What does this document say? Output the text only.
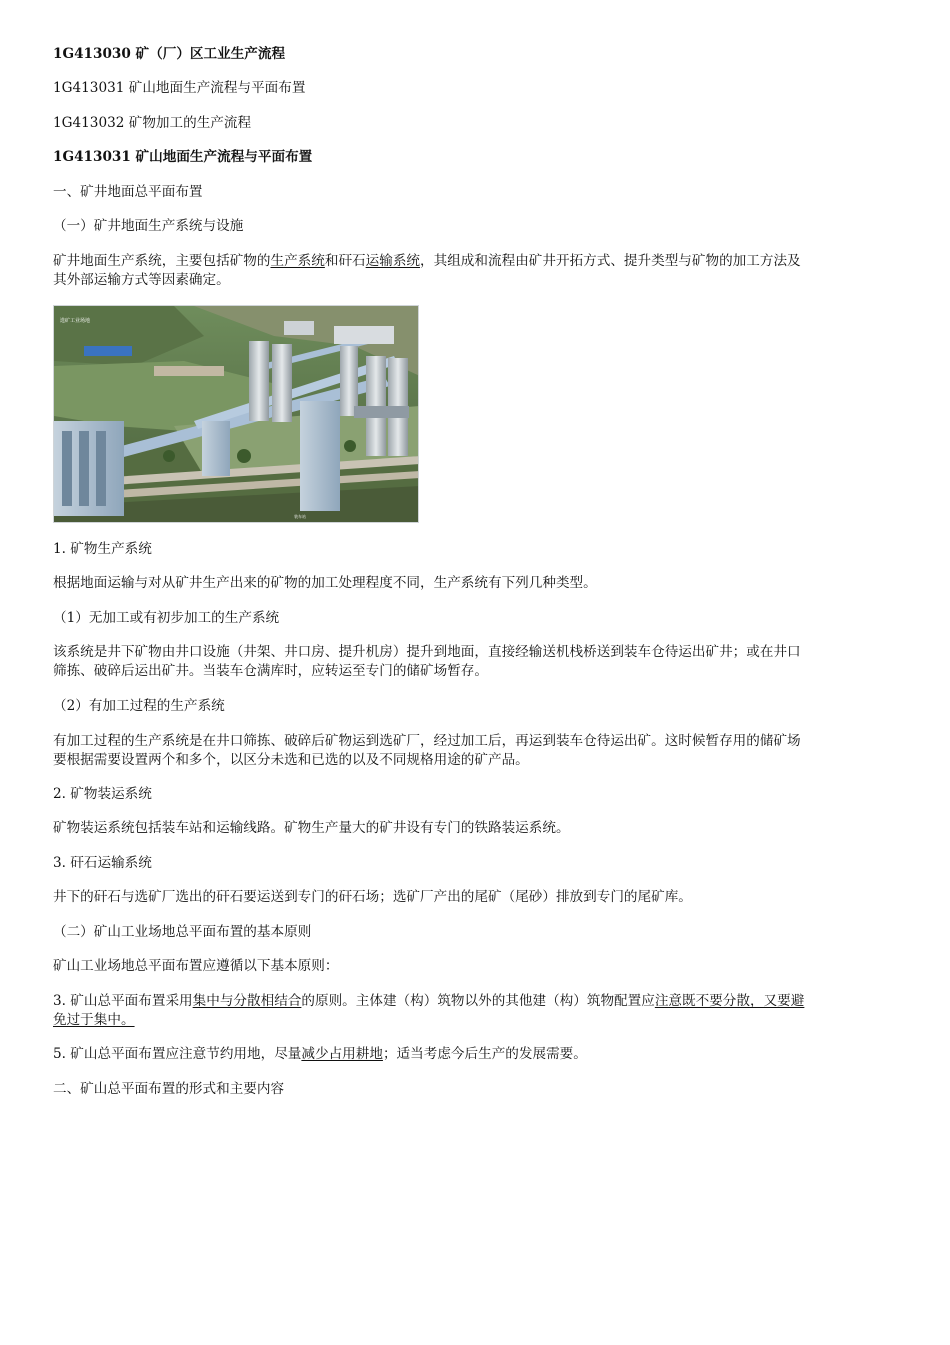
1G413030 矿（厂）区工业生产流程
1G413031 矿山地面生产流程与平面布置
1G413032 矿物加工的生产流程
1G413031 矿山地面生产流程与平面布置
一、矿井地面总平面布置
（一）矿井地面生产系统与设施
矿井地面生产系统，主要包括矿物的生产系统和矸石运输系统，其组成和流程由矿井开拓方式、提升类型与矿物的加工方法及
其外部运输方式等因素确定。
选矿工业场地
装车站
1. 矿物生产系统
根据地面运输与对从矿井生产出来的矿物的加工处理程度不同，生产系统有下列几种类型。
（1）无加工或有初步加工的生产系统
该系统是井下矿物由井口设施（井架、井口房、提升机房）提升到地面，直接经输送机栈桥送到装车仓待运出矿井；或在井口
筛拣、破碎后运出矿井。当装车仓满库时，应转运至专门的储矿场暂存。
（2）有加工过程的生产系统
有加工过程的生产系统是在井口筛拣、破碎后矿物运到选矿厂，经过加工后，再运到装车仓待运出矿。这时候暂存用的储矿场
要根据需要设置两个和多个，以区分未选和已选的以及不同规格用途的矿产品。
2. 矿物装运系统
矿物装运系统包括装车站和运输线路。矿物生产量大的矿井设有专门的铁路装运系统。
3. 矸石运输系统
井下的矸石与选矿厂选出的矸石要运送到专门的矸石场；选矿厂产出的尾矿（尾砂）排放到专门的尾矿库。
（二）矿山工业场地总平面布置的基本原则
矿山工业场地总平面布置应遵循以下基本原则：
3. 矿山总平面布置采用集中与分散相结合的原则。主体建（构）筑物以外的其他建（构）筑物配置应注意既不要分散，又要避
免过于集中。
5. 矿山总平面布置应注意节约用地，尽量减少占用耕地；适当考虑今后生产的发展需要。
二、矿山总平面布置的形式和主要内容
